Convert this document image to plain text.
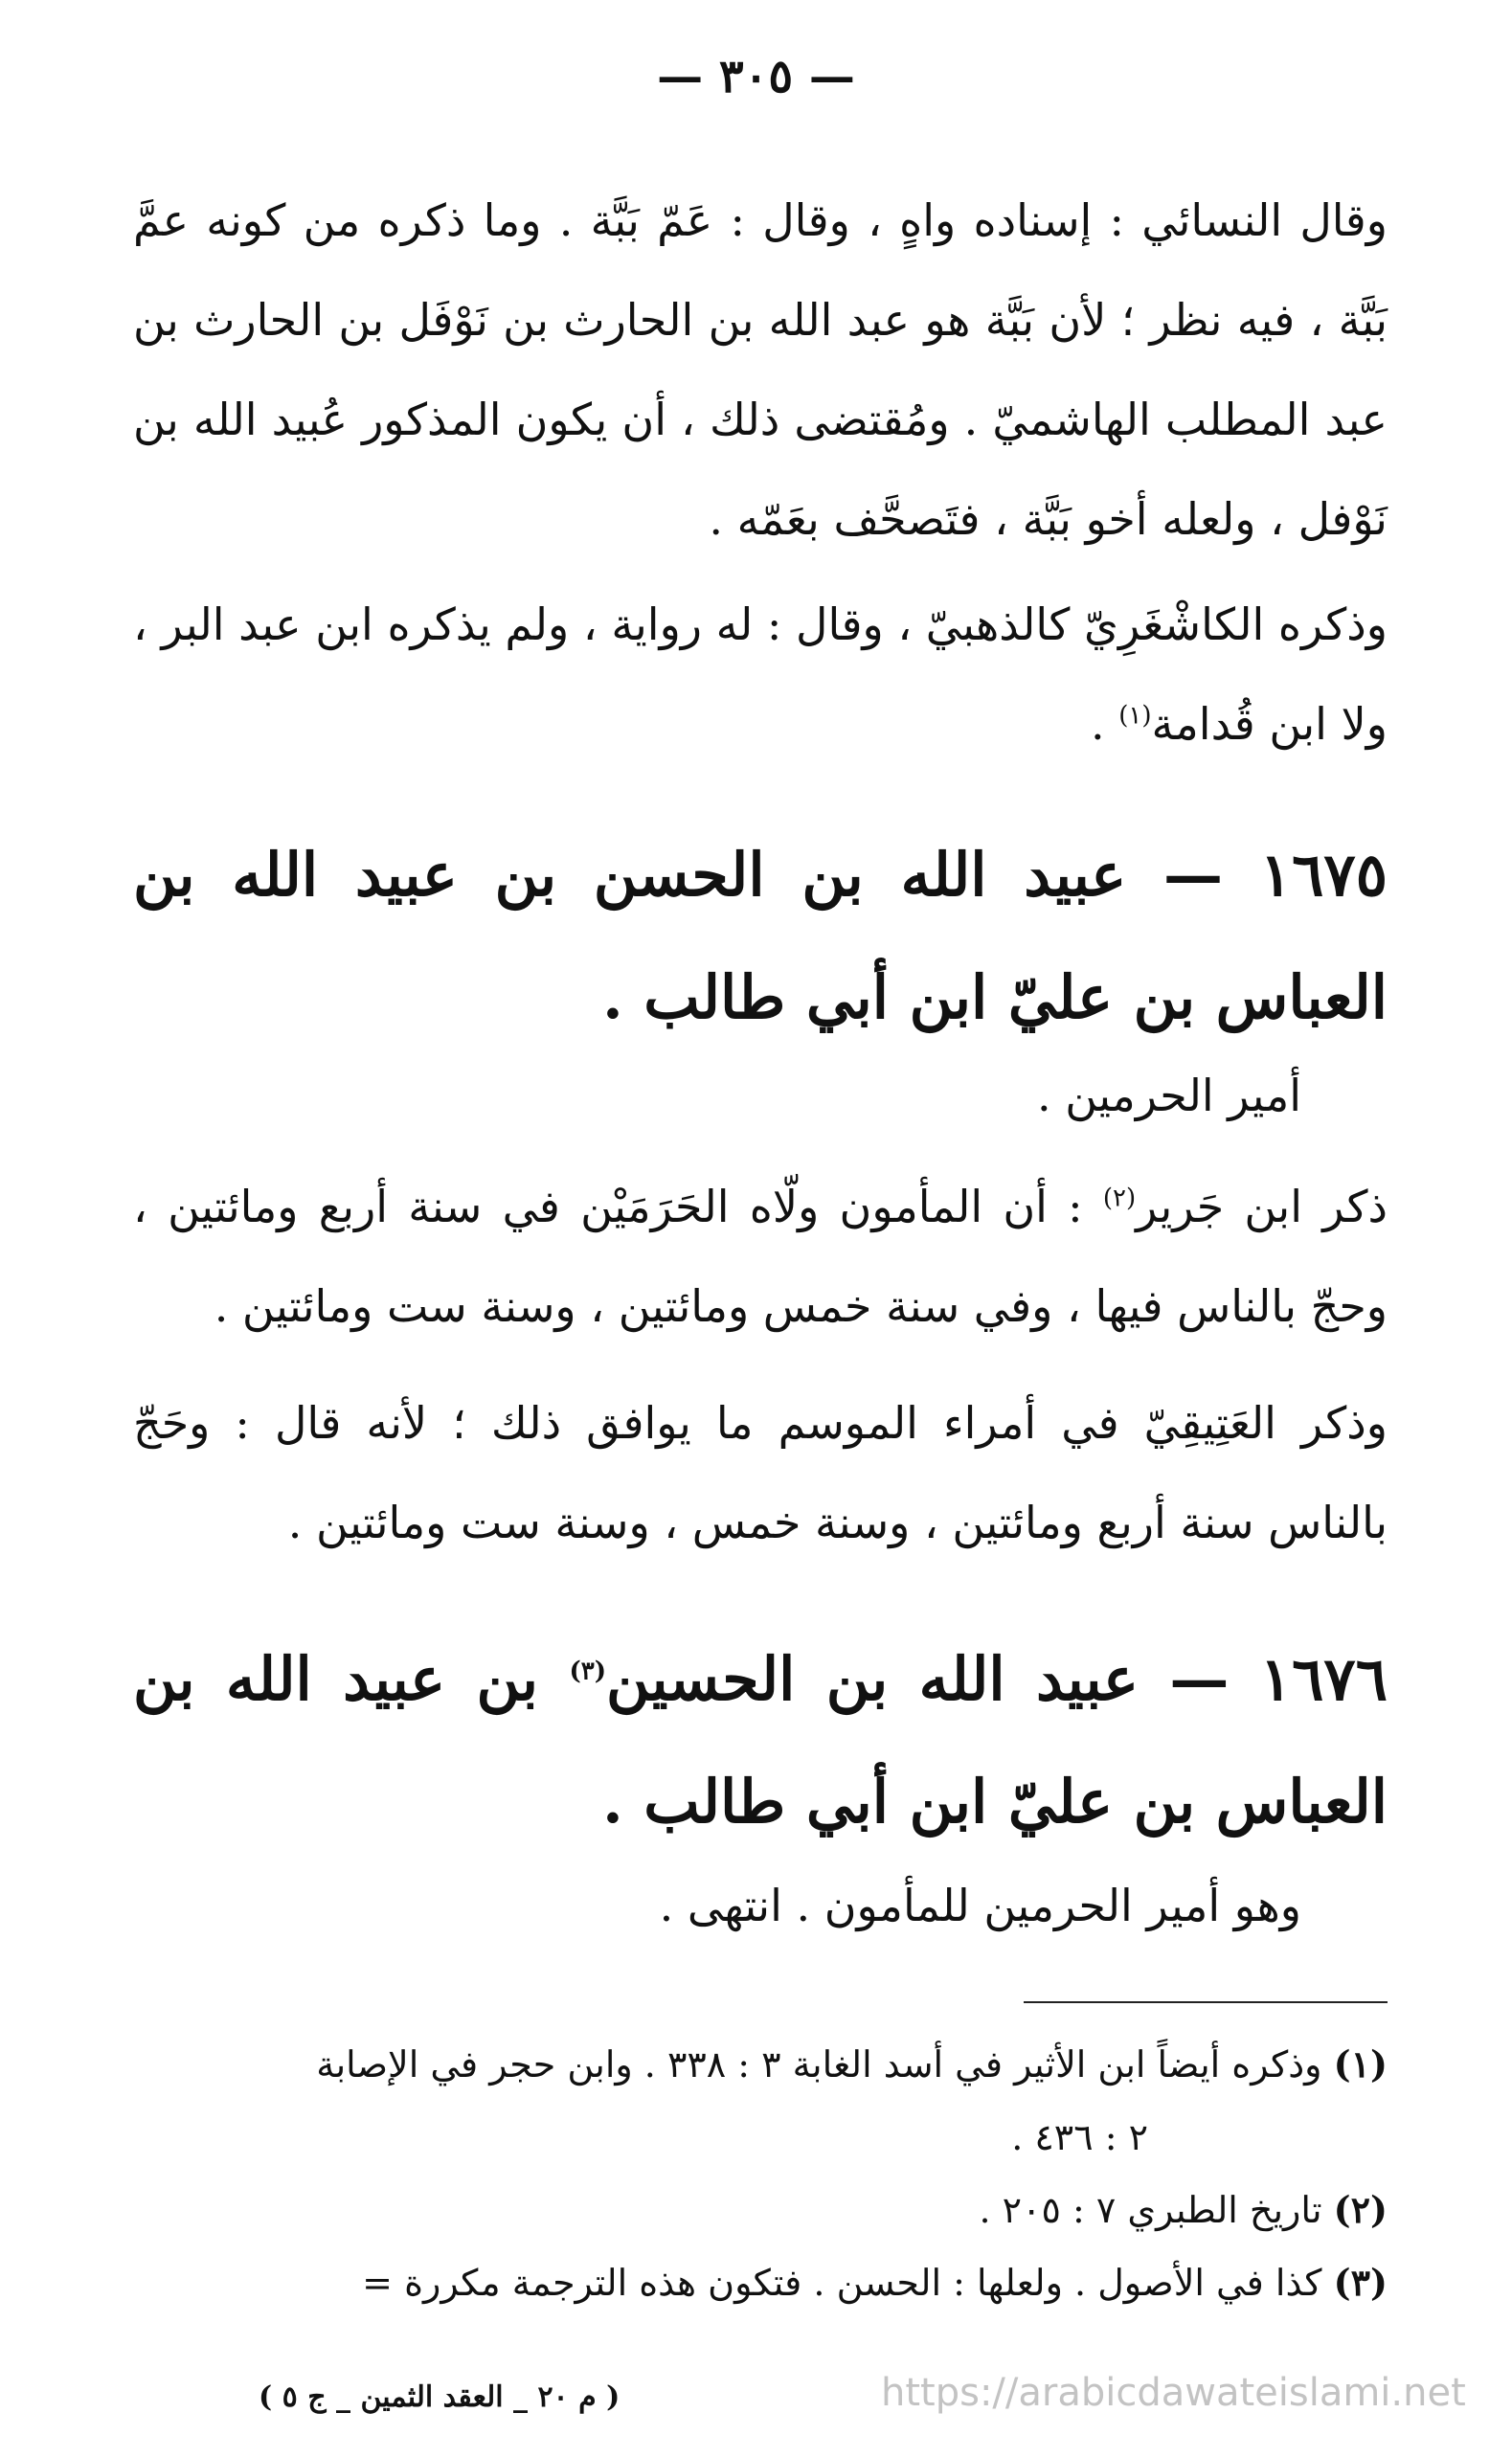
— ٣٠٥ —

وقال النسائي : إسناده واهٍ ، وقال : عَمّ بَبَّة . وما ذكره من كونه عمَّ بَبَّة ، فيه نظر ؛ لأن بَبَّة هو عبد الله بن الحارث بن نَوْفَل بن الحارث بن عبد المطلب الهاشميّ . ومُقتضى ذلك ، أن يكون المذكور عُبيد الله بن نَوْفل ، ولعله أخو بَبَّة ، فتَصحَّف بعَمّه .

وذكره الكاشْغَرِيّ كالذهبيّ ، وقال : له رواية ، ولم يذكره ابن عبد البر ، ولا ابن قُدامة$^{(١)}$ .

١٦٧٥ — عبيد الله بن الحسن بن عبيد الله بن العباس بن عليّ ابن أبي طالب .
أمير الحرمين .

ذكر ابن جَرير$^{(٢)}$ : أن المأمون ولّاه الحَرَمَيْن في سنة أربع ومائتين ، وحجّ بالناس فيها ، وفي سنة خمس ومائتين ، وسنة ست ومائتين .

وذكر العَتِيقِيّ في أمراء الموسم ما يوافق ذلك ؛ لأنه قال : وحَجّ بالناس سنة أربع ومائتين ، وسنة خمس ، وسنة ست ومائتين .

١٦٧٦ — عبيد الله بن الحسين$^{(٣)}$ بن عبيد الله بن العباس بن عليّ ابن أبي طالب .
وهو أمير الحرمين للمأمون . انتهى .

(١) وذكره أيضاً ابن الأثير في أسد الغابة ٣ : ٣٣٨ . وابن حجر في الإصابة

٢ : ٤٣٦ .

(٢) تاريخ الطبري ٧ : ٢٠٥ .

(٣) كذا في الأصول . ولعلها : الحسن . فتكون هذه الترجمة مكررة =

( م ٢٠ _ العقد الثمين _ ج ٥ )	https://arabicdawateislami.net
